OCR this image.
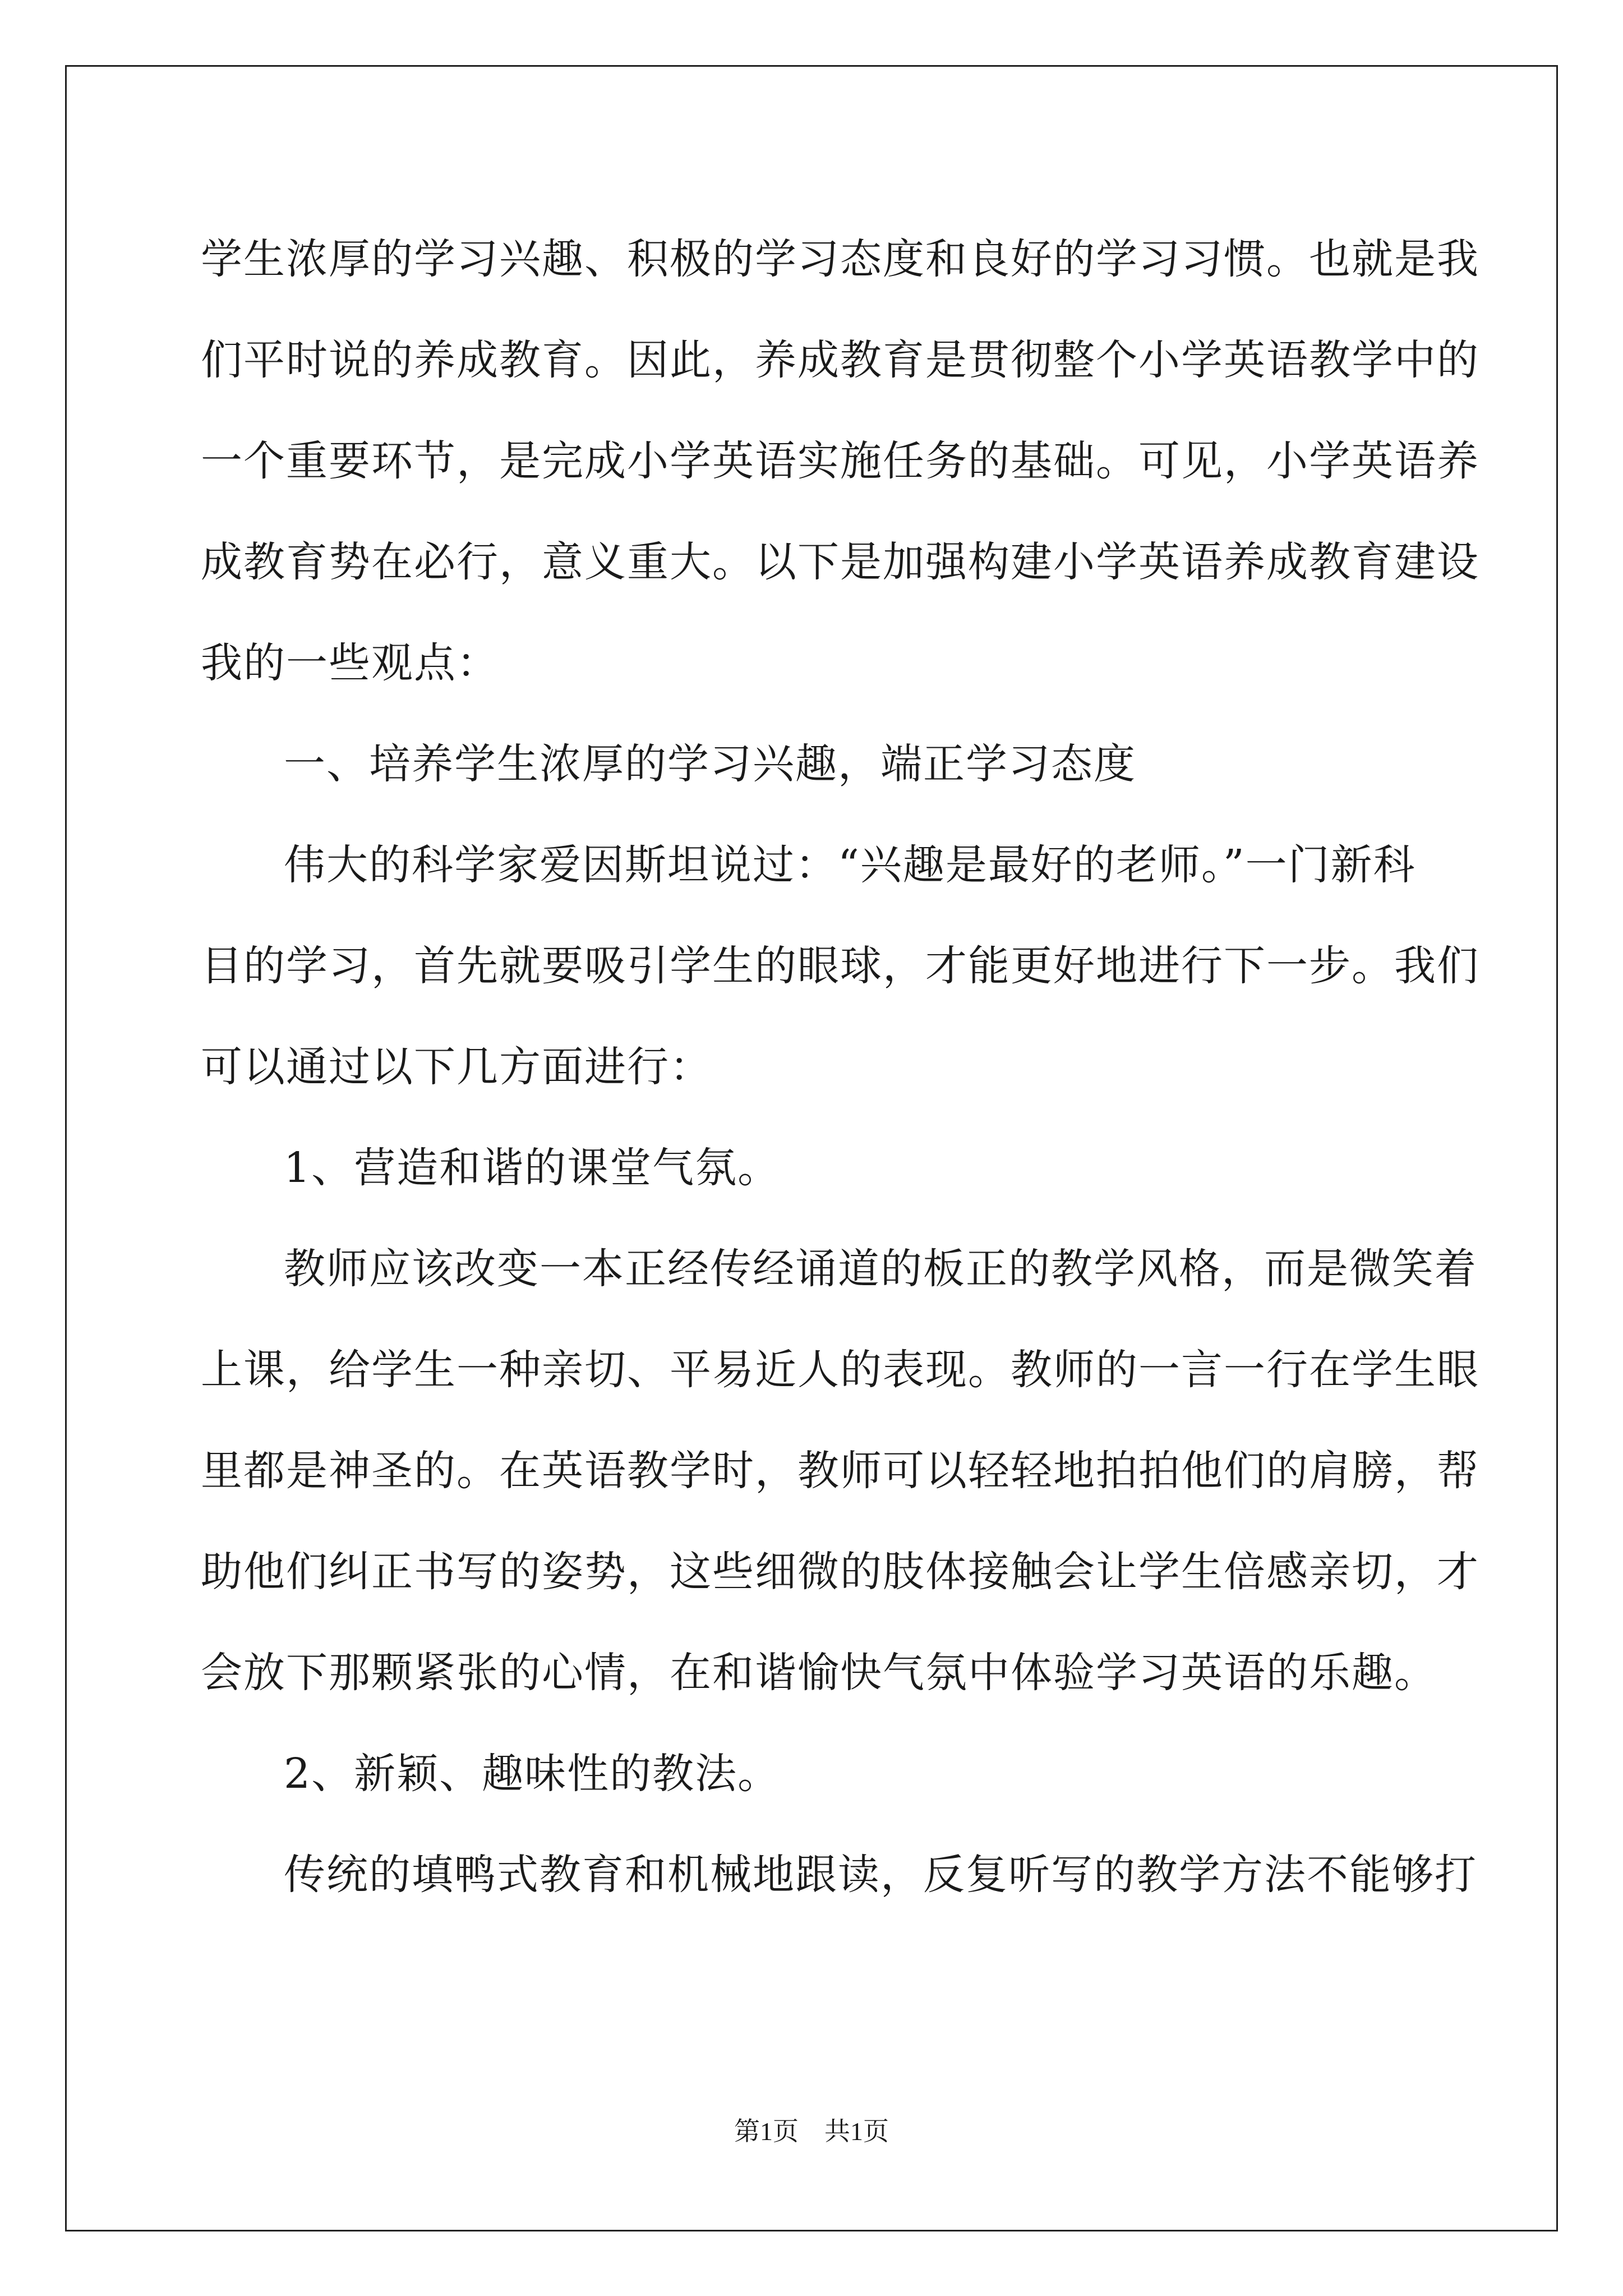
学生浓厚的学习兴趣、积极的学习态度和良好的学习习惯。也就是我
们平时说的养成教育。因此，养成教育是贯彻整个小学英语教学中的
一个重要环节，是完成小学英语实施任务的基础。可见，小学英语养
成教育势在必行，意义重大。以下是加强构建小学英语养成教育建设
我的一些观点：
一、培养学生浓厚的学习兴趣，端正学习态度
伟大的科学家爱因斯坦说过：“兴趣是最好的老师。”一门新科
目的学习，首先就要吸引学生的眼球，才能更好地进行下一步。我们
可以通过以下几方面进行：
1、营造和谐的课堂气氛。
教师应该改变一本正经传经诵道的板正的教学风格，而是微笑着
上课，给学生一种亲切、平易近人的表现。教师的一言一行在学生眼
里都是神圣的。在英语教学时，教师可以轻轻地拍拍他们的肩膀，帮
助他们纠正书写的姿势，这些细微的肢体接触会让学生倍感亲切，才
会放下那颗紧张的心情，在和谐愉快气氛中体验学习英语的乐趣。
2、新颖、趣味性的教法。
传统的填鸭式教育和机械地跟读，反复听写的教学方法不能够打
第1页 共1页
